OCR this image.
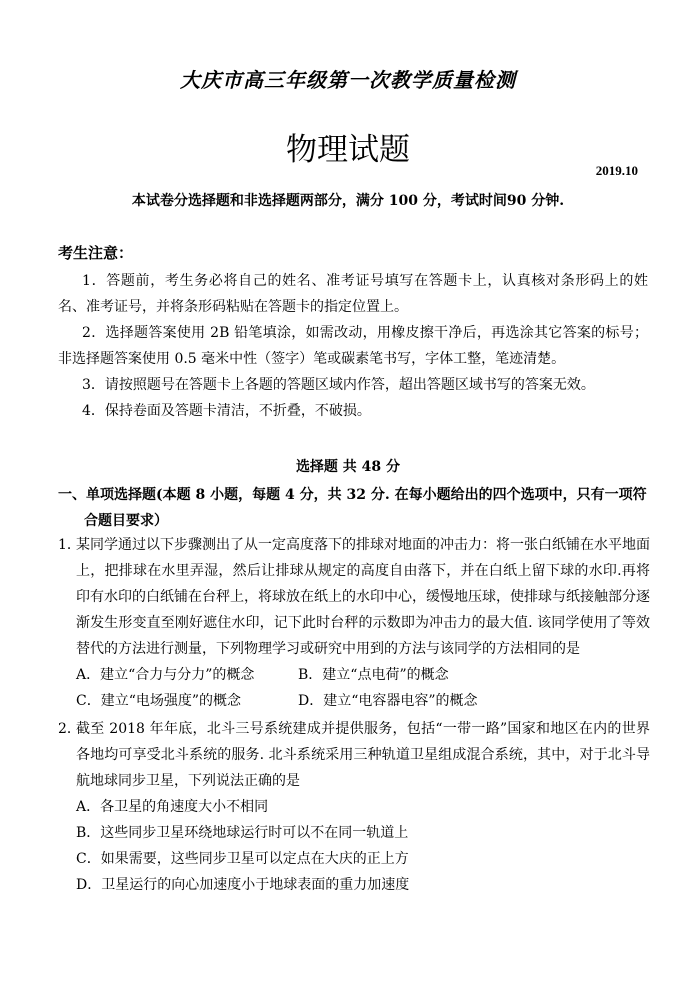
大庆市高三年级第一次教学质量检测
物理试题
2019.10
本试卷分选择题和非选择题两部分，满分 100 分，考试时间90 分钟.
考生注意：
1．答题前，考生务必将自己的姓名、准考证号填写在答题卡上，认真核对条形码上的姓名、准考证号，并将条形码粘贴在答题卡的指定位置上。
2．选择题答案使用 2B 铅笔填涂，如需改动，用橡皮擦干净后，再选涂其它答案的标号；非选择题答案使用 0.5 毫米中性（签字）笔或碳素笔书写，字体工整，笔迹清楚。
3．请按照题号在答题卡上各题的答题区域内作答，超出答题区域书写的答案无效。
4．保持卷面及答题卡清洁，不折叠，不破损。
选择题 共 48 分
一、单项选择题(本题 8 小题，每题 4 分，共 32 分. 在每小题给出的四个选项中，只有一项符合题目要求）
1．
某同学通过以下步骤测出了从一定高度落下的排球对地面的冲击力：将一张白纸铺在水平地面上，把排球在水里弄湿，然后让排球从规定的高度自由落下，并在白纸上留下球的水印.再将印有水印的白纸铺在台秤上，将球放在纸上的水印中心，缓慢地压球，使排球与纸接触部分逐渐发生形变直至刚好遮住水印，记下此时台秤的示数即为冲击力的最大值. 该同学使用了等效替代的方法进行测量，下列物理学习或研究中用到的方法与该同学的方法相同的是
A．建立“合力与分力”的概念	B．建立“点电荷”的概念
C．建立“电场强度”的概念	D．建立“电容器电容”的概念
2．
截至 2018 年年底，北斗三号系统建成并提供服务，包括“一带一路”国家和地区在内的世界各地均可享受北斗系统的服务. 北斗系统采用三种轨道卫星组成混合系统，其中，对于北斗导航地球同步卫星，下列说法正确的是
A．各卫星的角速度大小不相同
B．这些同步卫星环绕地球运行时可以不在同一轨道上
C．如果需要，这些同步卫星可以定点在大庆的正上方
D．卫星运行的向心加速度小于地球表面的重力加速度
